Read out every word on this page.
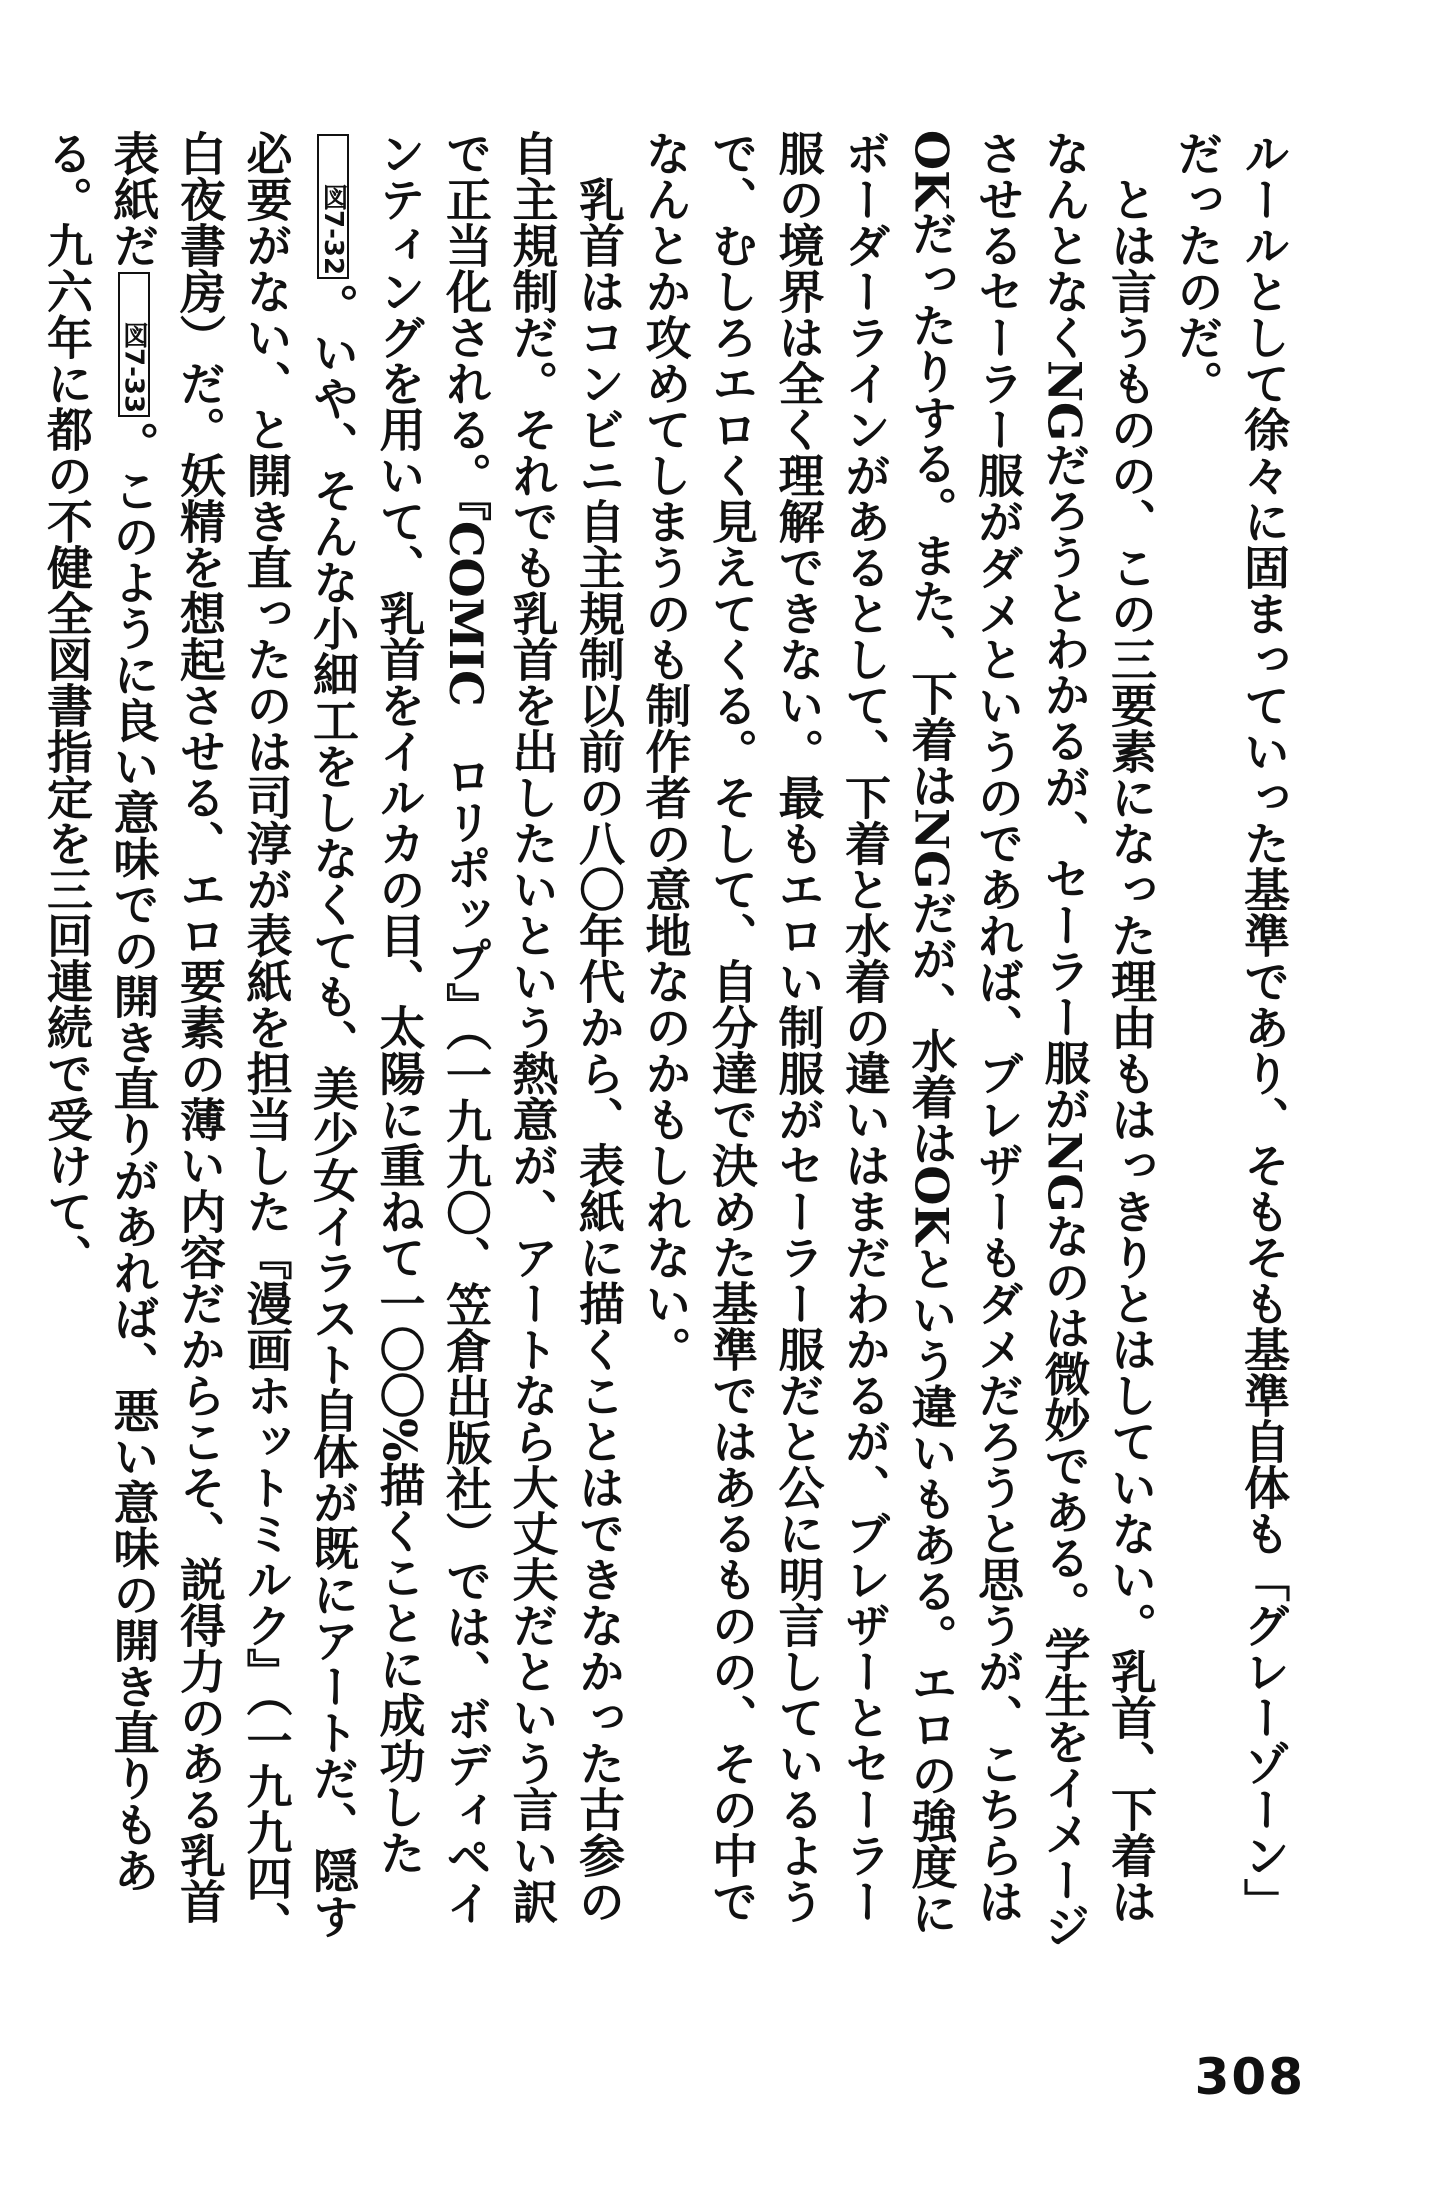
ルールとして徐々に固まっていった基準であり、そもそも基準自体も「グレーゾーン」だったのだ。

とは言うものの、この三要素になった理由もはっきりとはしていない。乳首、下着はなんとなくNGだろうとわかるが、セーラー服がNGなのは微妙である。学生をイメージさせるセーラー服がダメというのであれば、ブレザーもダメだろうと思うが、こちらはOKだったりする。また、下着はNGだが、水着はOKという違いもある。エロの強度にボーダーラインがあるとして、下着と水着の違いはまだわかるが、ブレザーとセーラー服の境界は全く理解できない。最もエロい制服がセーラー服だと公に明言しているようで、むしろエロく見えてくる。そして、自分達で決めた基準ではあるものの、その中でなんとか攻めてしまうのも制作者の意地なのかもしれない。

乳首はコンビニ自主規制以前の八〇年代から、表紙に描くことはできなかった古参の自主規制だ。それでも乳首を出したいという熱意が、アートなら大丈夫だという言い訳で正当化される。『COMIC　ロリポップ』（一九九〇、笠倉出版社）では、ボディペインティングを用いて、乳首をイルカの目、太陽に重ねて一〇〇%描くことに成功した図7-32。いや、そんな小細工をしなくても、美少女イラスト自体が既にアートだ、隠す必要がない、と開き直ったのは司淳が表紙を担当した『漫画ホットミルク』（一九九四、白夜書房）だ。妖精を想起させる、エロ要素の薄い内容だからこそ、説得力のある乳首表紙だ図7-33。このように良い意味での開き直りがあれば、悪い意味の開き直りもある。九六年に都の不健全図書指定を三回連続で受けて、

308
